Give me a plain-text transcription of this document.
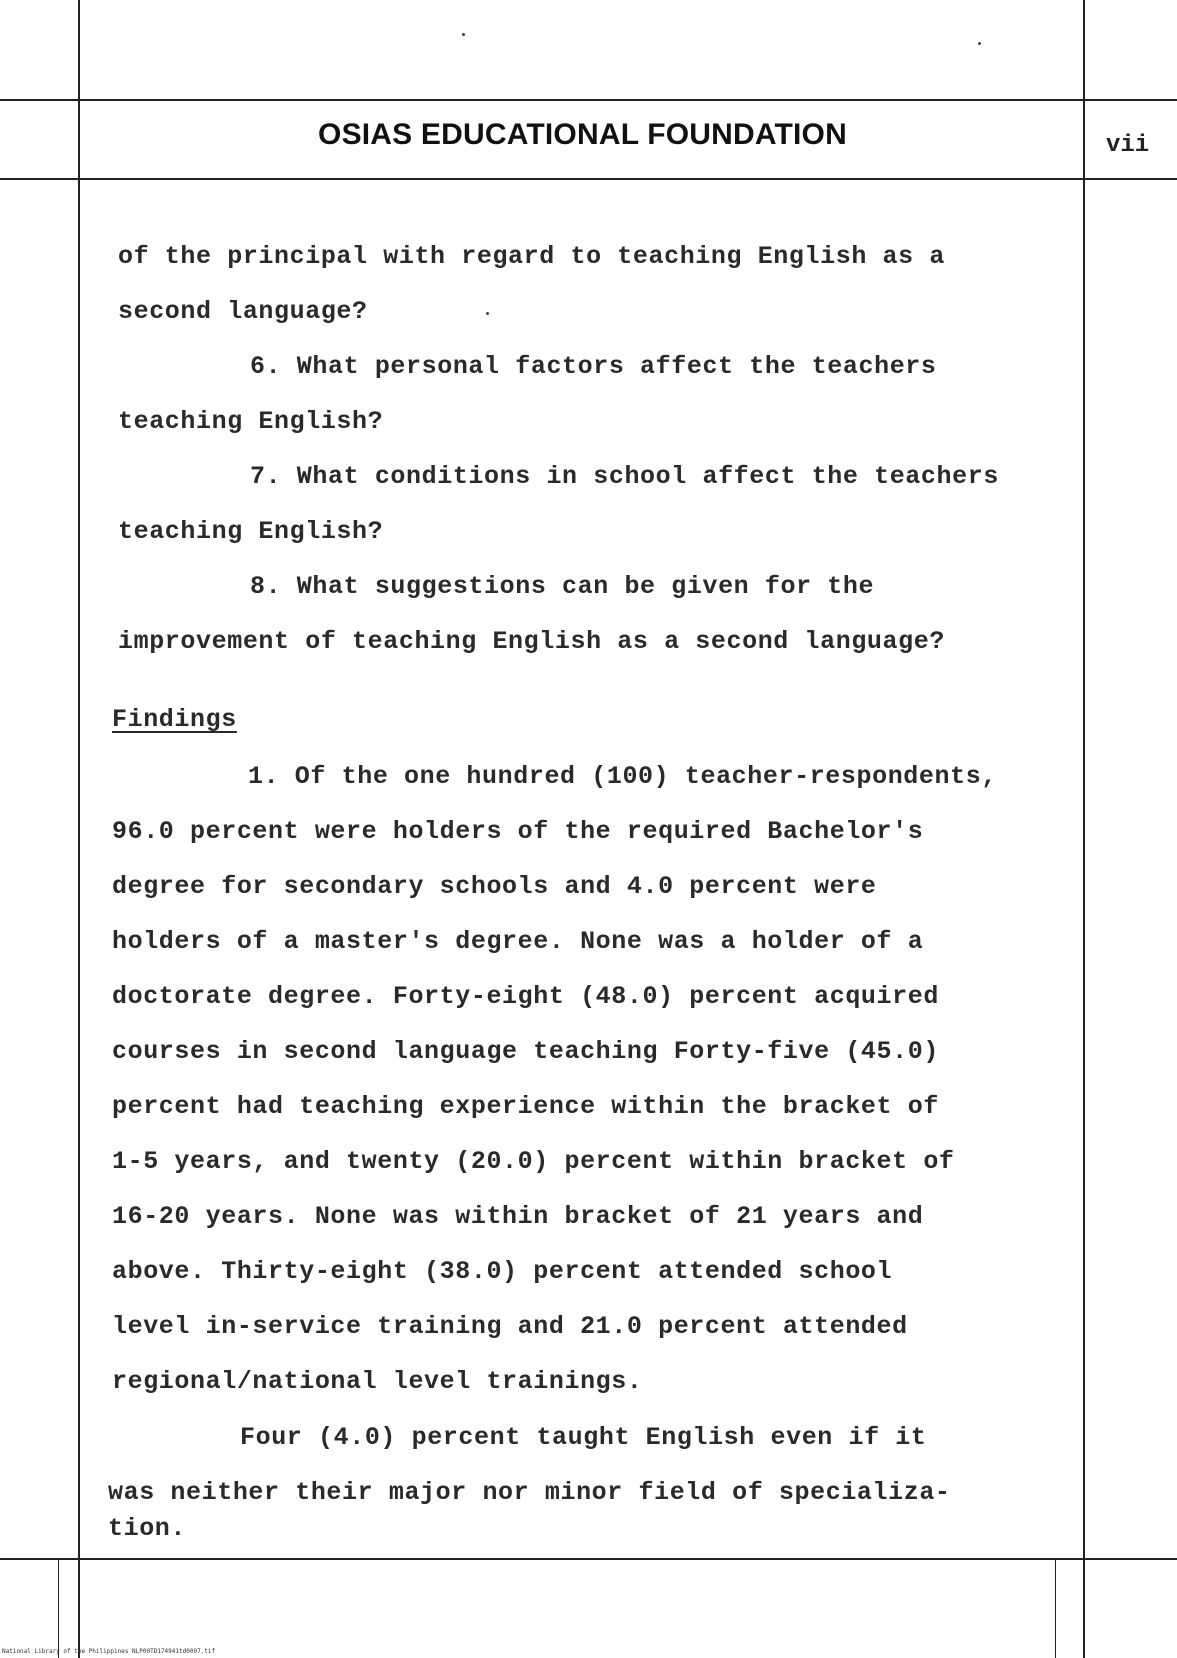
OSIAS EDUCATIONAL FOUNDATION	vii
of the principal with regard to teaching English as a
second language?
6. What personal factors affect the teachers
teaching English?
7. What conditions in school affect the teachers
teaching English?
8. What suggestions can be given for the
improvement of teaching English as a second language?
Findings
1. Of the one hundred (100) teacher-respondents,
96.0 percent were holders of the required Bachelor's
degree for secondary schools and 4.0 percent were
holders of a master's degree. None was a holder of a
doctorate degree. Forty-eight (48.0) percent acquired
courses in second language teaching Forty-five (45.0)
percent had teaching experience within the bracket of
1-5 years, and twenty (20.0) percent within bracket of
16-20 years. None was within bracket of 21 years and
above. Thirty-eight (38.0) percent attended school
level in-service training and 21.0 percent attended
regional/national level trainings.
Four (4.0) percent taught English even if it
was neither their major nor minor field of specializa-
tion.
National Library of the Philippines NLP00TD174941td0007.tif
